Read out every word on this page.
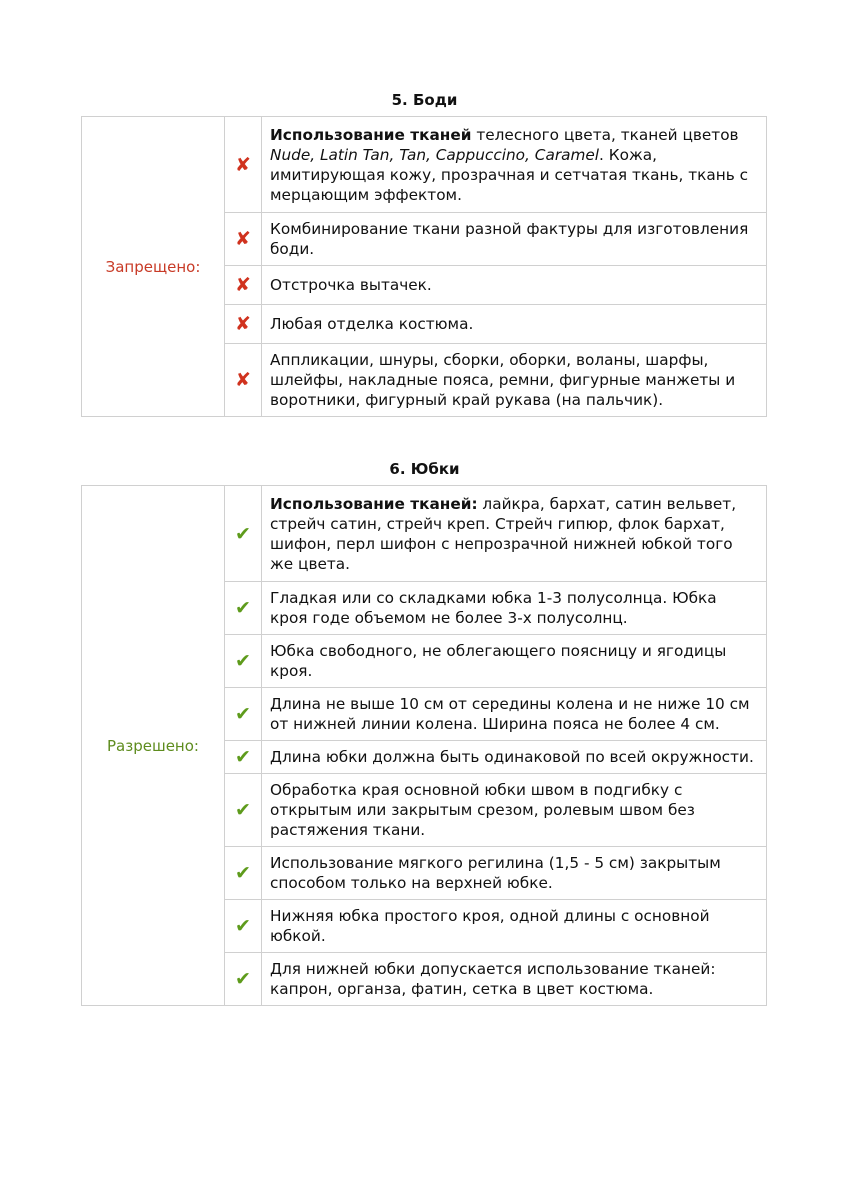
5. Боди
Запрещено:	✘	Использование тканей телесного цвета, тканей цветов Nude, Latin Tan, Tan, Cappuccino, Caramel. Кожа, имитирующая кожу, прозрачная и сетчатая ткань, ткань с мерцающим эффектом.
	✘	Комбинирование ткани разной фактуры для изготовления боди.
	✘	Отстрочка вытачек.
	✘	Любая отделка костюма.
	✘	Аппликации, шнуры, сборки, оборки, воланы, шарфы, шлейфы, накладные пояса, ремни, фигурные манжеты и воротники, фигурный край рукава (на пальчик).
6. Юбки
Разрешено:	✔	Использование тканей: лайкра, бархат, сатин вельвет, стрейч сатин, стрейч креп. Стрейч гипюр, флок бархат, шифон, перл шифон с непрозрачной нижней юбкой того же цвета.
	✔	Гладкая или со складками юбка 1-3 полусолнца. Юбка кроя годе объемом не более 3-х полусолнц.
	✔	Юбка свободного, не облегающего поясницу и ягодицы кроя.
	✔	Длина не выше 10 см от середины колена и не ниже 10 см от нижней линии колена. Ширина пояса не более 4 см.
	✔	Длина юбки должна быть одинаковой по всей окружности.
	✔	Обработка края основной юбки швом в подгибку с открытым или закрытым срезом, ролевым швом без растяжения ткани.
	✔	Использование мягкого регилина (1,5 - 5 см) закрытым способом только на верхней юбке.
	✔	Нижняя юбка простого кроя, одной длины с основной юбкой.
	✔	Для нижней юбки допускается использование тканей: капрон, органза, фатин, сетка в цвет костюма.
